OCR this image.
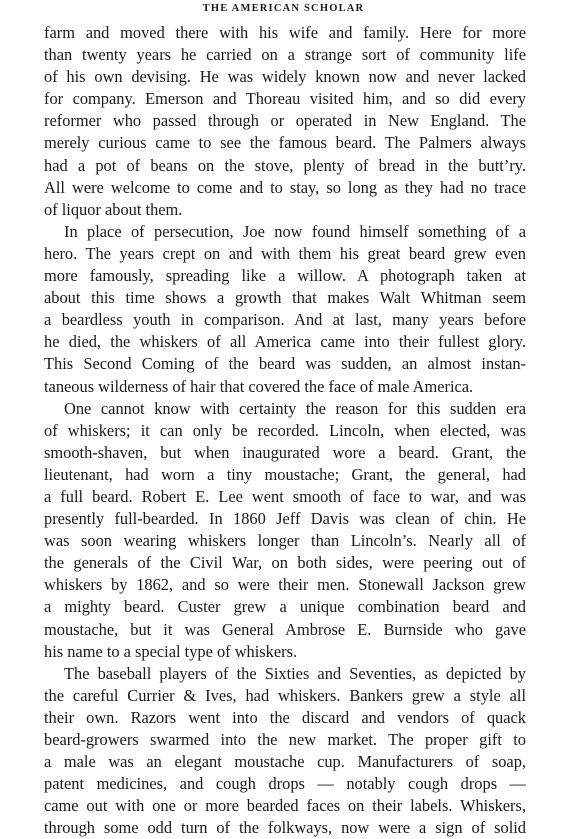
THE AMERICAN SCHOLAR
farm and moved there with his wife and family. Here for more
than twenty years he carried on a strange sort of community life
of his own devising. He was widely known now and never lacked
for company. Emerson and Thoreau visited him, and so did every
reformer who passed through or operated in New England. The
merely curious came to see the famous beard. The Palmers always
had a pot of beans on the stove, plenty of bread in the butt’ry.
All were welcome to come and to stay, so long as they had no trace
of liquor about them.
In place of persecution, Joe now found himself something of a
hero. The years crept on and with them his great beard grew even
more famously, spreading like a willow. A photograph taken at
about this time shows a growth that makes Walt Whitman seem
a beardless youth in comparison. And at last, many years before
he died, the whiskers of all America came into their fullest glory.
This Second Coming of the beard was sudden, an almost instan-
taneous wilderness of hair that covered the face of male America.
One cannot know with certainty the reason for this sudden era
of whiskers; it can only be recorded. Lincoln, when elected, was
smooth-shaven, but when inaugurated wore a beard. Grant, the
lieutenant, had worn a tiny moustache; Grant, the general, had
a full beard. Robert E. Lee went smooth of face to war, and was
presently full-bearded. In 1860 Jeff Davis was clean of chin. He
was soon wearing whiskers longer than Lincoln’s. Nearly all of
the generals of the Civil War, on both sides, were peering out of
whiskers by 1862, and so were their men. Stonewall Jackson grew
a mighty beard. Custer grew a unique combination beard and
moustache, but it was General Ambrose E. Burnside who gave
his name to a special type of whiskers.
The baseball players of the Sixties and Seventies, as depicted by
the careful Currier & Ives, had whiskers. Bankers grew a style all
their own. Razors went into the discard and vendors of quack
beard-growers swarmed into the new market. The proper gift to
a male was an elegant moustache cup. Manufacturers of soap,
patent medicines, and cough drops — notably cough drops —
came out with one or more bearded faces on their labels. Whiskers,
through some odd turn of the folkways, now were a sign of solid
